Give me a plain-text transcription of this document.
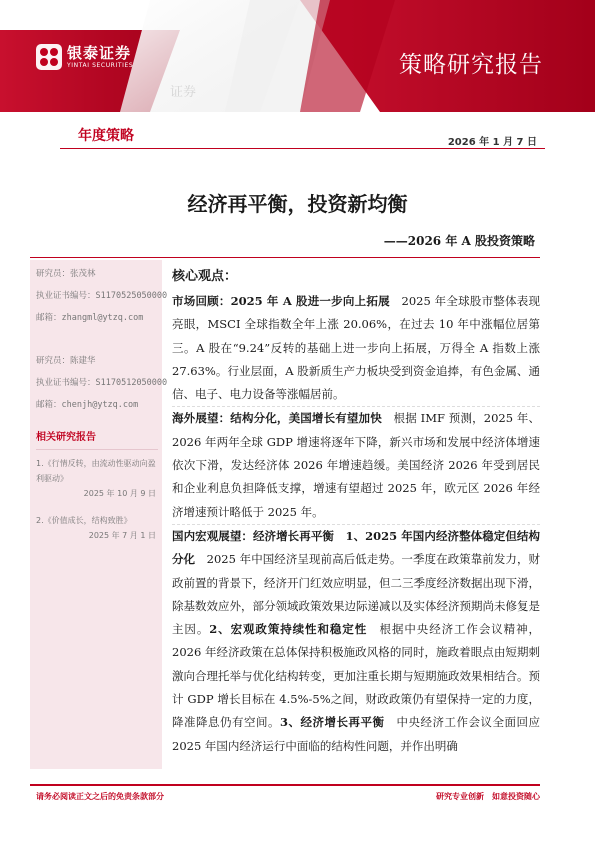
证券
银泰证券
YINTAI SECURITIES	策略研究报告
年度策略	2026 年 1 月 7 日
经济再平衡，投资新均衡
——2026 年 A 股投资策略
研究员：张茂林
执业证书编号：S1170525050000
邮箱：zhangml@ytzq.com
研究员：陈建华
执业证书编号：S1170512050000
邮箱：chenjh@ytzq.com
相关研究报告
1.《行情反转，由流动性驱动向盈利驱动》
2025 年 10 月 9 日
2.《价值成长，结构致胜》
2025 年 7 月 1 日
核心观点：

市场回顾：2025 年 A 股进一步向上拓展　2025 年全球股市整体表现亮眼，MSCI 全球指数全年上涨 20.06%，在过去 10 年中涨幅位居第三。A 股在“9.24”反转的基础上进一步向上拓展，万得全 A 指数上涨 27.63%。行业层面，A 股新质生产力板块受到资金追捧，有色金属、通信、电子、电力设备等涨幅居前。

海外展望：结构分化，美国增长有望加快　根据 IMF 预测，2025 年、2026 年两年全球 GDP 增速将逐年下降，新兴市场和发展中经济体增速依次下滑，发达经济体 2026 年增速趋缓。美国经济 2026 年受到居民和企业利息负担降低支撑，增速有望超过 2025 年，欧元区 2026 年经济增速预计略低于 2025 年。

国内宏观展望：经济增长再平衡　1、2025 年国内经济整体稳定但结构分化　2025 年中国经济呈现前高后低走势。一季度在政策靠前发力，财政前置的背景下，经济开门红效应明显，但二三季度经济数据出现下滑，除基数效应外，部分领域政策效果边际递减以及实体经济预期尚未修复是主因。2、宏观政策持续性和稳定性　根据中央经济工作会议精神，2026 年经济政策在总体保持积极施政风格的同时，施政着眼点由短期刺激向合理托举与优化结构转变，更加注重长期与短期施政效果相结合。预计 GDP 增长目标在 4.5%-5%之间，财政政策仍有望保持一定的力度，降准降息仍有空间。3、经济增长再平衡　中央经济工作会议全面回应 2025 年国内经济运行中面临的结构性问题，并作出明确

请务必阅读正文之后的免责条款部分	研究专业创新　如意投资随心
